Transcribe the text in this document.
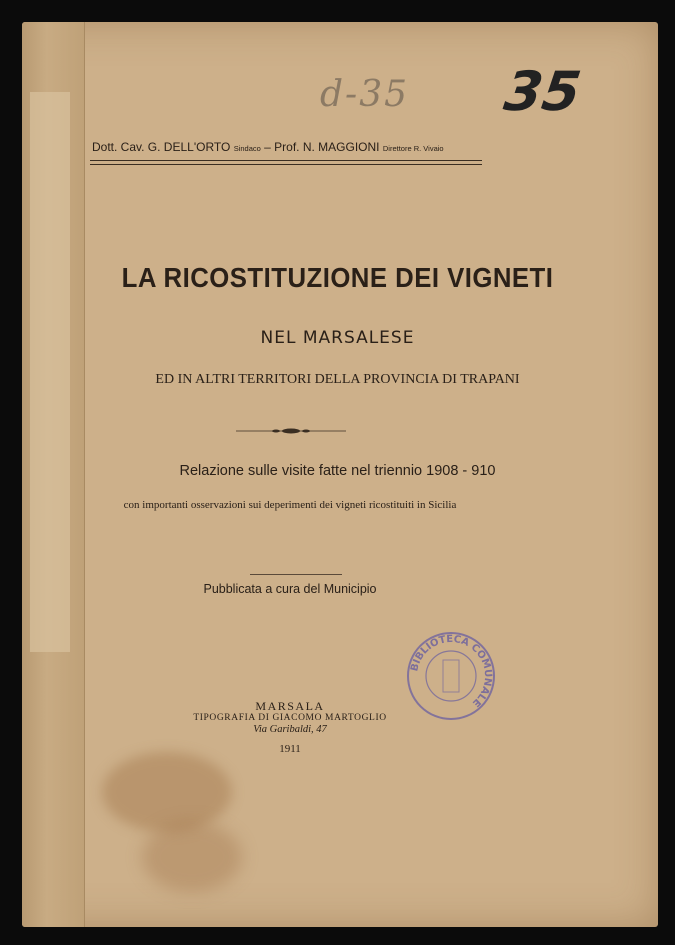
d-35 35
Dott. Cav. G. DELL'ORTO Sindaco – Prof. N. MAGGIONI Direttore R. Vivaio
LA RICOSTITUZIONE DEI VIGNETI
NEL MARSALESE
ED IN ALTRI TERRITORI DELLA PROVINCIA DI TRAPANI
Relazione sulle visite fatte nel triennio 1908 - 910
con importanti osservazioni sui deperimenti dei vigneti ricostituiti in Sicilia
Pubblicata a cura del Municipio
MARSALA
TIPOGRAFIA DI GIACOMO MARTOGLIO
Via Garibaldi, 47
1911
BIBLIOTECA COMUNALE
